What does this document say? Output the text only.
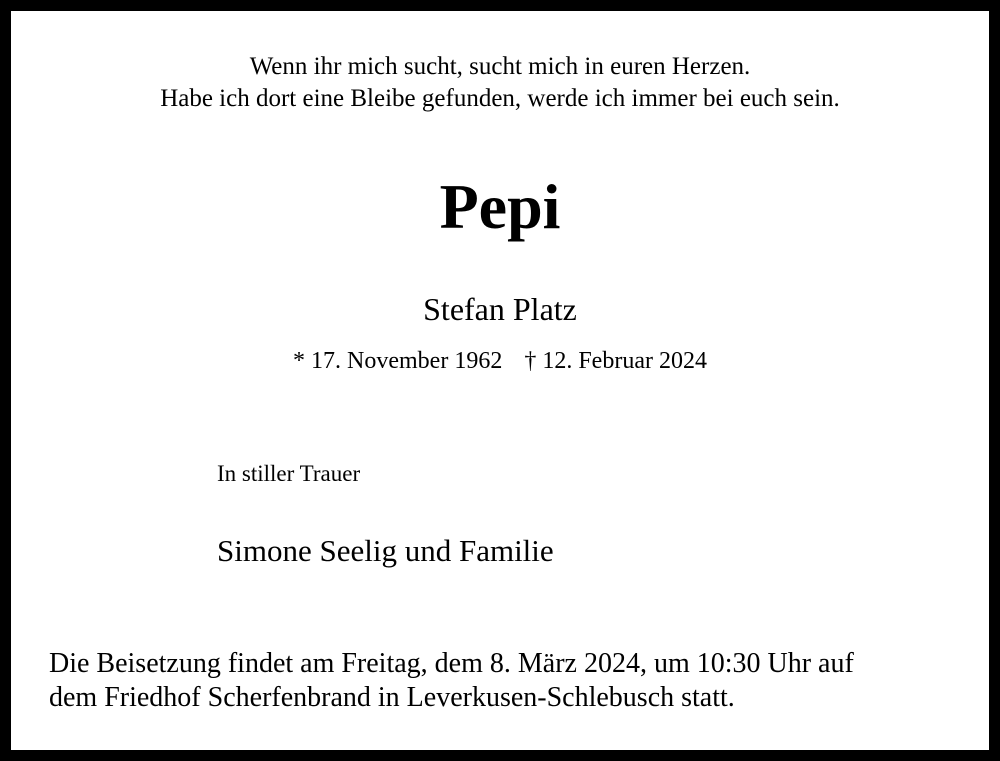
Wenn ihr mich sucht, sucht mich in euren Herzen.
Habe ich dort eine Bleibe gefunden, werde ich immer bei euch sein.
Pepi
Stefan Platz
* 17. November 1962 † 12. Februar 2024
In stiller Trauer
Simone Seelig und Familie
Die Beisetzung findet am Freitag, dem 8. März 2024, um 10:30 Uhr auf
dem Friedhof Scherfenbrand in Leverkusen-Schlebusch statt.
